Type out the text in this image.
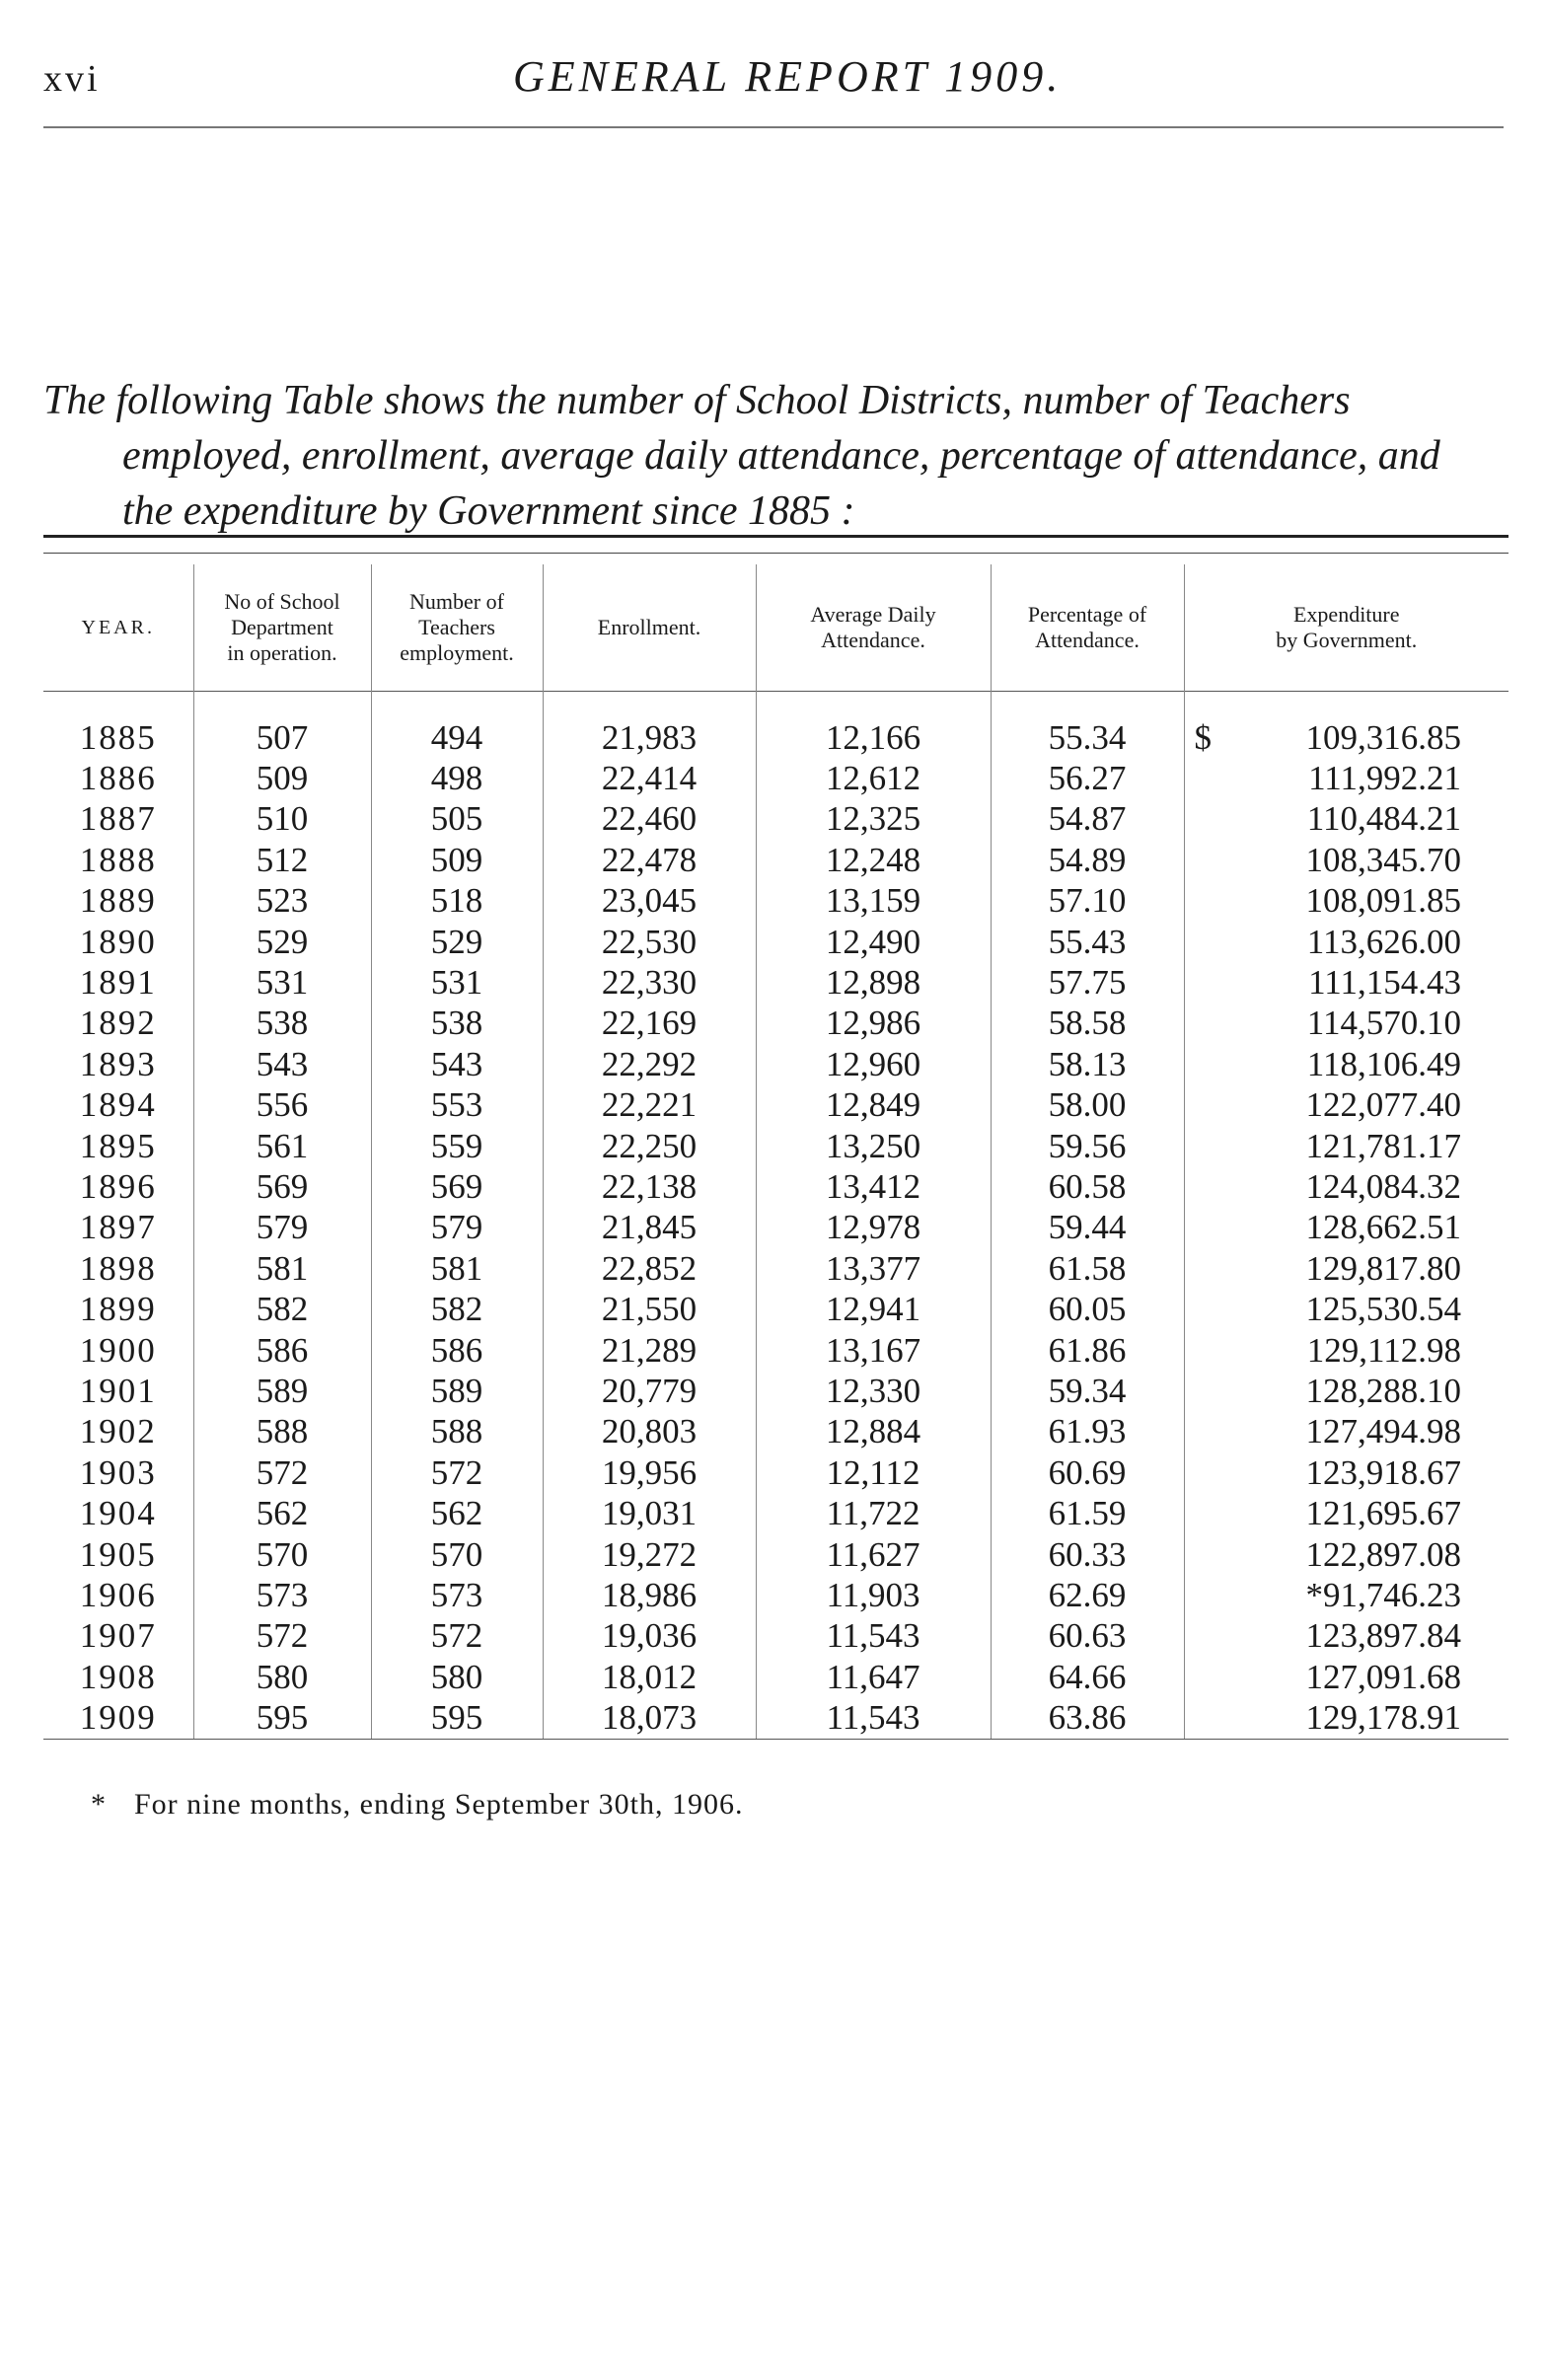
xvi	GENERAL REPORT 1909.
The following Table shows the number of School Districts, number of Teachers
employed, enrollment, average daily attendance, percentage of attendance, and
the expenditure by Government since 1885 :
YEAR.	No of School
Department
in operation.	Number of
Teachers
employment.	Enrollment.	Average Daily
Attendance.	Percentage of
Attendance.	Expenditure
by Government.

1885	507	494	21,983	12,166	55.34	$ 109,316.85
1886	509	498	22,414	12,612	56.27	111,992.21
1887	510	505	22,460	12,325	54.87	110,484.21
1888	512	509	22,478	12,248	54.89	108,345.70
1889	523	518	23,045	13,159	57.10	108,091.85
1890	529	529	22,530	12,490	55.43	113,626.00
1891	531	531	22,330	12,898	57.75	111,154.43
1892	538	538	22,169	12,986	58.58	114,570.10
1893	543	543	22,292	12,960	58.13	118,106.49
1894	556	553	22,221	12,849	58.00	122,077.40
1895	561	559	22,250	13,250	59.56	121,781.17
1896	569	569	22,138	13,412	60.58	124,084.32
1897	579	579	21,845	12,978	59.44	128,662.51
1898	581	581	22,852	13,377	61.58	129,817.80
1899	582	582	21,550	12,941	60.05	125,530.54
1900	586	586	21,289	13,167	61.86	129,112.98
1901	589	589	20,779	12,330	59.34	128,288.10
1902	588	588	20,803	12,884	61.93	127,494.98
1903	572	572	19,956	12,112	60.69	123,918.67
1904	562	562	19,031	11,722	61.59	121,695.67
1905	570	570	19,272	11,627	60.33	122,897.08
1906	573	573	18,986	11,903	62.69	*91,746.23
1907	572	572	19,036	11,543	60.63	123,897.84
1908	580	580	18,012	11,647	64.66	127,091.68
1909	595	595	18,073	11,543	63.86	129,178.91
* For nine months, ending September 30th, 1906.
